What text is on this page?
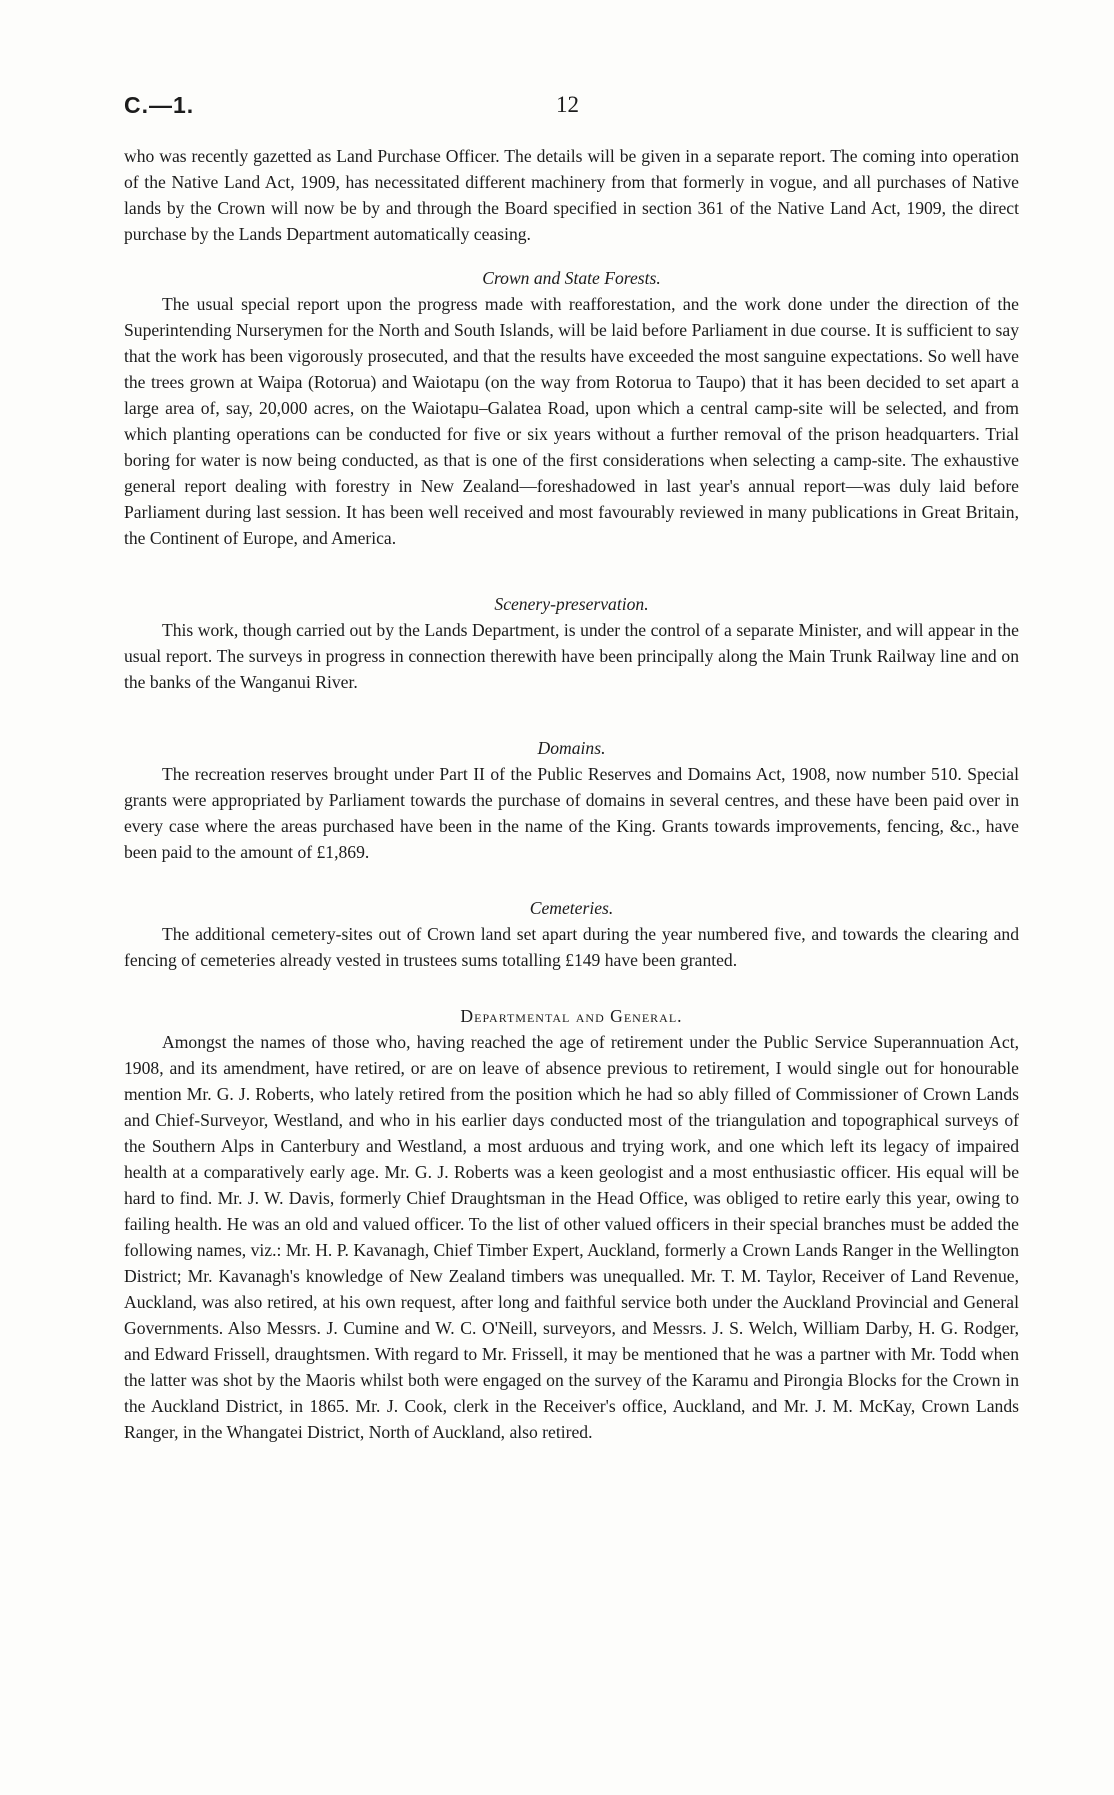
C.—1.	12

who was recently gazetted as Land Purchase Officer. The details will be given in a separate report. The coming into operation of the Native Land Act, 1909, has necessitated different machinery from that formerly in vogue, and all purchases of Native lands by the Crown will now be by and through the Board specified in section 361 of the Native Land Act, 1909, the direct purchase by the Lands Department automatically ceasing.

Crown and State Forests.

The usual special report upon the progress made with reafforestation, and the work done under the direction of the Superintending Nurserymen for the North and South Islands, will be laid before Parliament in due course. It is sufficient to say that the work has been vigorously prosecuted, and that the results have exceeded the most sanguine expectations. So well have the trees grown at Waipa (Rotorua) and Waiotapu (on the way from Rotorua to Taupo) that it has been decided to set apart a large area of, say, 20,000 acres, on the Waiotapu–Galatea Road, upon which a central camp-site will be selected, and from which planting operations can be conducted for five or six years without a further removal of the prison headquarters. Trial boring for water is now being conducted, as that is one of the first considerations when selecting a camp-site. The exhaustive general report dealing with forestry in New Zealand—foreshadowed in last year's annual report—was duly laid before Parliament during last session. It has been well received and most favourably reviewed in many publications in Great Britain, the Continent of Europe, and America.

Scenery-preservation.

This work, though carried out by the Lands Department, is under the control of a separate Minister, and will appear in the usual report. The surveys in progress in connection therewith have been principally along the Main Trunk Railway line and on the banks of the Wanganui River.

Domains.

The recreation reserves brought under Part II of the Public Reserves and Domains Act, 1908, now number 510. Special grants were appropriated by Parliament towards the purchase of domains in several centres, and these have been paid over in every case where the areas purchased have been in the name of the King. Grants towards improvements, fencing, &c., have been paid to the amount of £1,869.

Cemeteries.

The additional cemetery-sites out of Crown land set apart during the year numbered five, and towards the clearing and fencing of cemeteries already vested in trustees sums totalling £149 have been granted.

Departmental and General.

Amongst the names of those who, having reached the age of retirement under the Public Service Superannuation Act, 1908, and its amendment, have retired, or are on leave of absence previous to retirement, I would single out for honourable mention Mr. G. J. Roberts, who lately retired from the position which he had so ably filled of Commissioner of Crown Lands and Chief-Surveyor, Westland, and who in his earlier days conducted most of the triangulation and topographical surveys of the Southern Alps in Canterbury and Westland, a most arduous and trying work, and one which left its legacy of impaired health at a comparatively early age. Mr. G. J. Roberts was a keen geologist and a most enthusiastic officer. His equal will be hard to find. Mr. J. W. Davis, formerly Chief Draughtsman in the Head Office, was obliged to retire early this year, owing to failing health. He was an old and valued officer. To the list of other valued officers in their special branches must be added the following names, viz.: Mr. H. P. Kavanagh, Chief Timber Expert, Auckland, formerly a Crown Lands Ranger in the Wellington District; Mr. Kavanagh's knowledge of New Zealand timbers was unequalled. Mr. T. M. Taylor, Receiver of Land Revenue, Auckland, was also retired, at his own request, after long and faithful service both under the Auckland Provincial and General Governments. Also Messrs. J. Cumine and W. C. O'Neill, surveyors, and Messrs. J. S. Welch, William Darby, H. G. Rodger, and Edward Frissell, draughtsmen. With regard to Mr. Frissell, it may be mentioned that he was a partner with Mr. Todd when the latter was shot by the Maoris whilst both were engaged on the survey of the Karamu and Pirongia Blocks for the Crown in the Auckland District, in 1865. Mr. J. Cook, clerk in the Receiver's office, Auckland, and Mr. J. M. McKay, Crown Lands Ranger, in the Whangatei District, North of Auckland, also retired.
